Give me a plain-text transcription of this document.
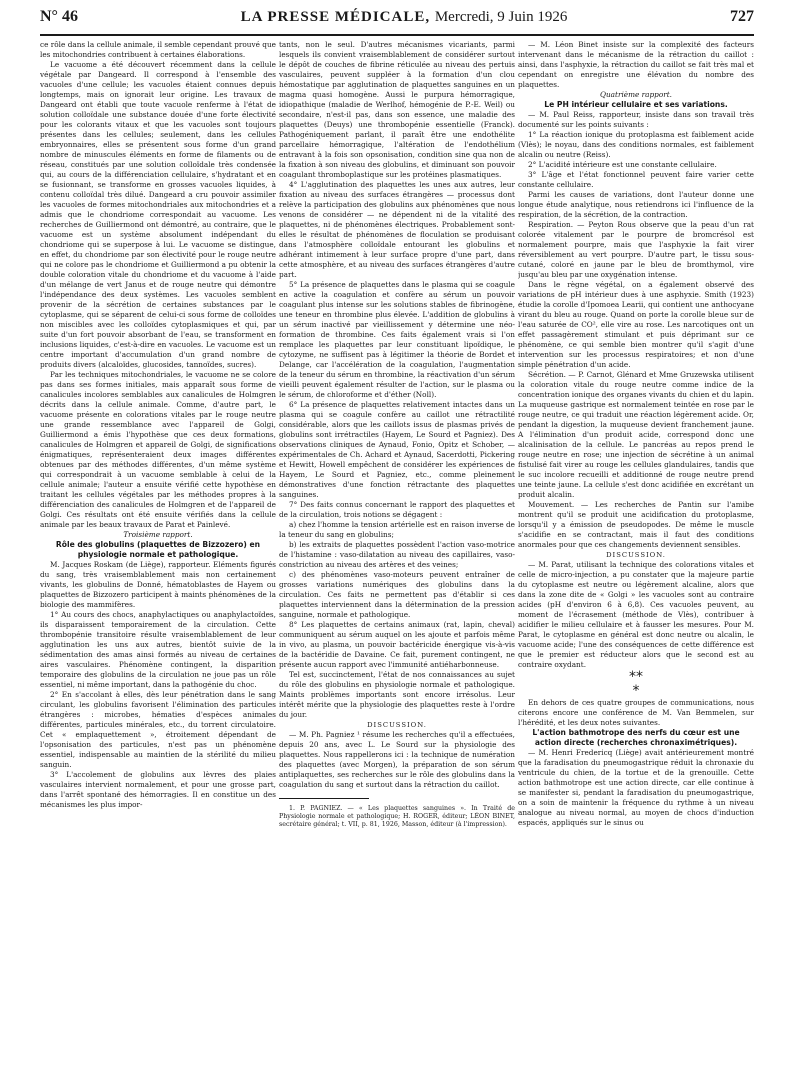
N° 46	LA PRESSE MÉDICALE, Mercredi, 9 Juin 1926	727

ce rôle dans la cellule animale, il semble cependant prouvé que les mitochondries contribuent à certaines élaborations.

Le vacuome a été découvert récemment dans la cellule végétale par Dangeard. Il correspond à l'ensemble des vacuoles d'une cellule; les vacuoles étaient connues depuis longtemps, mais on ignorait leur origine. Les travaux de Dangeard ont établi que toute vacuole renferme à l'état de solution colloïdale une substance douée d'une forte électivité pour les colorants vitaux et que les vacuoles sont toujours présentes dans les cellules; seulement, dans les cellules embryonnaires, elles se présentent sous forme d'un grand nombre de minuscules éléments en forme de filaments ou de réseau, constitués par une solution colloïdale très condensée qui, au cours de la différenciation cellulaire, s'hydratant et en se fusionnant, se transforme en grosses vacuoles liquides, à contenu colloïdal très dilué. Dangeard a cru pouvoir assimiler les vacuoles de formes mitochondriales aux mitochondries et a admis que le chondriome correspondait au vacuome. Les recherches de Guilliermond ont démontré, au contraire, que le vacuome est un système absolument indépendant du chondriome qui se superpose à lui. Le vacuome se distingue, en effet, du chondriome par son électivité pour le rouge neutre qui ne colore pas le chondriome et Guilliermond a pu obtenir la double coloration vitale du chondriome et du vacuome à l'aide d'un mélange de vert Janus et de rouge neutre qui démontre l'indépendance des deux systèmes. Les vacuoles semblent provenir de la sécrétion de certaines substances par le cytoplasme, qui se séparent de celui-ci sous forme de colloïdes non miscibles avec les colloïdes cytoplasmiques et qui, par suite d'un fort pouvoir absorbant de l'eau, se transforment en inclusions liquides, c'est-à-dire en vacuoles. Le vacuome est un centre important d'accumulation d'un grand nombre de produits divers (alcaloïdes, glucosides, tannoïdes, sucres).

Par les techniques mitochondriales, le vacuome ne se colore pas dans ses formes initiales, mais apparaît sous forme de canalicules incolores semblables aux canalicules de Holmgren décrits dans la cellule animale. Comme, d'autre part, le vacuome présente en colorations vitales par le rouge neutre une grande ressemblance avec l'appareil de Golgi, Guilliermond a émis l'hypothèse que ces deux formations, canalicules de Holmgren et appareil de Golgi, de significations énigmatiques, représenteraient deux images différentes obtenues par des méthodes différentes, d'un même système qui correspondrait à un vacuome semblable à celui de la cellule animale; l'auteur a ensuite vérifié cette hypothèse en traitant les cellules végétales par les méthodes propres à la différenciation des canalicules de Holmgren et de l'appareil de Golgi. Ces résultats ont été ensuite vérifiés dans la cellule animale par les beaux travaux de Parat et Painlevé.

Troisième rapport.

Rôle des globulins (plaquettes de Bizzozero) en physiologie normale et pathologique.

M. Jacques Roskam (de Liège), rapporteur. Eléments figurés du sang, très vraisemblablement mais non certainement vivants, les globulins de Donné, hématoblastes de Hayem ou plaquettes de Bizzozero participent à maints phénomènes de la biologie des mammifères.

1° Au cours des chocs, anaphylactiques ou anaphylactoïdes, ils disparaissent temporairement de la circulation. Cette thrombopénie transitoire résulte vraisemblablement de leur agglutination les uns aux autres, bientôt suivie de la sédimentation des amas ainsi formés au niveau de certaines aires vasculaires. Phénomène contingent, la disparition temporaire des globulins de la circulation ne joue pas un rôle essentiel, ni même important, dans la pathogénie du choc.

2° En s'accolant à elles, dès leur pénétration dans le sang circulant, les globulins favorisent l'élimination des particules étrangères : microbes, hématies d'espèces animales différentes, particules minérales, etc., du torrent circulatoire. Cet « emplaquettement », étroitement dépendant de l'opsonisation des particules, n'est pas un phénomène essentiel, indispensable au maintien de la stérilité du milieu sanguin.

3° L'accolement de globulins aux lèvres des plaies vasculaires intervient normalement, et pour une grosse part, dans l'arrêt spontané des hémorragies. Il en constitue un des mécanismes les plus impor-

tants, non le seul. D'autres mécanismes vicariants, parmi lesquels ils convient vraisemblablement de considérer surtout le dépôt de couches de fibrine réticulée au niveau des pertuis vasculaires, peuvent suppléer à la formation d'un clou hémostatique par agglutination de plaquettes sanguines en un magma quasi homogène. Aussi le purpura hémorragique, idiopathique (maladie de Werlhof, hémogénie de P.-E. Weil) ou secondaire, n'est-il pas, dans son essence, une maladie des plaquettes (Deuys) une thrombopénie essentielle (Franck). Pathogéniquement parlant, il paraît être une endothélite parcellaire hémorragique, l'altération de l'endothélium entravant à la fois son opsonisation, condition sine qua non de la fixation à son niveau des globulins, et diminuant son pouvoir coagulant thromboplastique sur les protéines plasmatiques.

4° L'agglutination des plaquettes les unes aux autres, leur fixation au niveau des surfaces étrangères — processus dont relève la participation des globulins aux phénomènes que nous venons de considérer — ne dépendent ni de la vitalité des plaquettes, ni de phénomènes électriques. Probablement sont-elles le résultat de phénomènes de floculation se produisant dans l'atmosphère colloïdale entourant les globulins et adhérant intimement à leur surface propre d'une part, dans cette atmosphère, et au niveau des surfaces étrangères d'autre part.

5° La présence de plaquettes dans le plasma qui se coagule en active la coagulation et confère au sérum un pouvoir coagulant plus intense sur les solutions stables de fibrinogène, une teneur en thrombine plus élevée. L'addition de globulins à un sérum inactivé par vieillissement y détermine une néo-formation de thrombine. Ces faits également vrais si l'on remplace les plaquettes par leur constituant lipoïdique, le cytozyme, ne suffisent pas à légitimer la théorie de Bordet et Delange, car l'accélération de la coagulation, l'augmentation de la teneur du sérum en thrombine, la réactivation d'un sérum vieilli peuvent également résulter de l'action, sur le plasma ou le sérum, de chloroforme et d'éther (Noll).

6° La présence de plaquettes relativement intactes dans un plasma qui se coagule confère au caillot une rétractilité considérable, alors que les caillots issus de plasmas privés de globulins sont irrétractiles (Hayem, Le Sourd et Pagniez). Des observations cliniques de Aynaud, Fonio, Opitz et Schober, — expérimentales de Ch. Achard et Aynaud, Sacerdotti, Pickering et Hewitt, Howell empêchent de considérer les expériences de Hayem, Le Sourd et Pagniez, etc., comme pleinement démonstratives d'une fonction rétractante des plaquettes sanguines.

7° Des faits connus concernant le rapport des plaquettes et de la circulation, trois notions se dégagent :

a) chez l'homme la tension artérielle est en raison inverse de la teneur du sang en globulins;

b) les extraits de plaquettes possèdent l'action vaso-motrice de l'histamine : vaso-dilatation au niveau des capillaires, vaso-constriction au niveau des artères et des veines;

c) des phénomènes vaso-moteurs peuvent entraîner de grosses variations numériques des globulins dans la circulation. Ces faits ne permettent pas d'établir si ces plaquettes interviennent dans la détermination de la pression sanguine, normale et pathologique.

8° Les plaquettes de certains animaux (rat, lapin, cheval) communiquent au sérum auquel on les ajoute et parfois même in vivo, au plasma, un pouvoir bactéricide énergique vis-à-vis de la bactéridie de Davaine. Ce fait, purement contingent, ne présente aucun rapport avec l'immunité antiéharbonneuse.

Tel est, succinctement, l'état de nos connaissances au sujet du rôle des globulins en physiologie normale et pathologique. Maints problèmes importants sont encore irrésolus. Leur intérêt mérite que la physiologie des plaquettes reste à l'ordre du jour.

DISCUSSION.

— M. Ph. Pagniez ¹ résume les recherches qu'il a effectuées, depuis 20 ans, avec L. Le Sourd sur la physiologie des plaquettes. Nous rappellerons ici : la technique de numération des plaquettes (avec Morgen), la préparation de son sérum antiplaquettes, ses recherches sur le rôle des globulins dans la coagulation du sang et surtout dans la rétraction du caillot.

1. P. PAGNIEZ. — « Les plaquettes sanguines ». In Traité de Physiologie normale et pathologique; H. ROGER, éditeur; LÉON BINET, secrétaire général; t. VII, p. 81, 1926, Masson, éditeur (à l'impression).

— M. Léon Binet insiste sur la complexité des facteurs intervenant dans le mécanisme de la rétraction du caillot : ainsi, dans l'asphyxie, la rétraction du caillot se fait très mal et cependant on enregistre une élévation du nombre des plaquettes.

Quatrième rapport.

Le PH intérieur cellulaire et ses variations.

— M. Paul Reiss, rapporteur, insiste dans son travail très documenté sur les points suivants :

1° La réaction ionique du protoplasma est faiblement acide (Vlès); le noyau, dans des conditions normales, est faiblement alcalin ou neutre (Reiss).

2° L'acidité intérieure est une constante cellulaire.

3° L'âge et l'état fonctionnel peuvent faire varier cette constante cellulaire.

Parmi les causes de variations, dont l'auteur donne une longue étude analytique, nous retiendrons ici l'influence de la respiration, de la sécrétion, de la contraction.

Respiration. — Peyton Rous observe que la peau d'un rat colorée vitalement par le pourpre de bromcrésol est normalement pourpre, mais que l'asphyxie la fait virer réversiblement au vert pourpre. D'autre part, le tissu sous-cutané, coloré en jaune par le bleu de bromthymol, vire jusqu'au bleu par une oxygénation intense.

Dans le règne végétal, on a également observé des variations de pH intérieur dues à une asphyxie. Smith (1923) étudie la corolle d'Ipomoea Learii, qui contient une anthocyane virant du bleu au rouge. Quand on porte la corolle bleue sur de l'eau saturée de CO², elle vire au rose. Les narcotiques ont un effet passagèrement stimulant et puis déprimant sur ce phénomène, ce qui semble bien montrer qu'il s'agit d'une intervention sur les processus respiratoires; et non d'une simple pénétration d'un acide.

Sécrétion. — P. Carnot, Glénard et Mme Gruzewska utilisent la coloration vitale du rouge neutre comme indice de la concentration ionique des organes vivants du chien et du lapin. La muqueuse gastrique est normalement teintée en rose par le rouge neutre, ce qui traduit une réaction légèrement acide. Or, pendant la digestion, la muqueuse devient franchement jaune. A l'élimination d'un produit acide, correspond donc une alcalinisation de la cellule. Le pancréas au repos prend le rouge neutre en rose; une injection de sécrétine à un animal fistulisé fait virer au rouge les cellules glandulaires, tandis que le suc incolore recueilli et additionné de rouge neutre prend une teinte jaune. La cellule s'est donc acidifiée en excrétant un produit alcalin.

Mouvement. — Les recherches de Pantin sur l'amibe montrent qu'il se produit une acidification du protoplasme, lorsqu'il y a émission de pseudopodes. De même le muscle s'acidifie en se contractant, mais il faut des conditions anormales pour que ces changements deviennent sensibles.

DISCUSSION.

— M. Parat, utilisant la technique des colorations vitales et celle de micro-injection, a pu constater que la majeure partie du cytoplasme est neutre ou légèrement alcaline, alors que dans la zone dite de « Golgi » les vacuoles sont au contraire acides (pH d'environ 6 à 6,8). Ces vacuoles peuvent, au moment de l'écrasement (méthode de Vlès), contribuer à acidifier le milieu cellulaire et à fausser les mesures. Pour M. Parat, le cytoplasme en général est donc neutre ou alcalin, le vacuome acide; l'une des conséquences de cette différence est que le premier est réducteur alors que le second est au contraire oxydant.

**
*

En dehors de ces quatre groupes de communications, nous citerons encore une conférence de M. Van Bemmelen, sur l'hérédité, et les deux notes suivantes.

L'action bathmotrope des nerfs du cœur est une action directe (recherches chronaximétriques).

— M. Henri Fredericq (Liège) avait antérieurement montré que la faradisation du pneumogastrique réduit la chronaxie du ventricule du chien, de la tortue et de la grenouille. Cette action bathmotrope est une action directe, car elle continue à se manifester si, pendant la faradisation du pneumogastrique, on a soin de maintenir la fréquence du rythme à un niveau analogue au niveau normal, au moyen de chocs d'induction espacés, appliqués sur le sinus ou
